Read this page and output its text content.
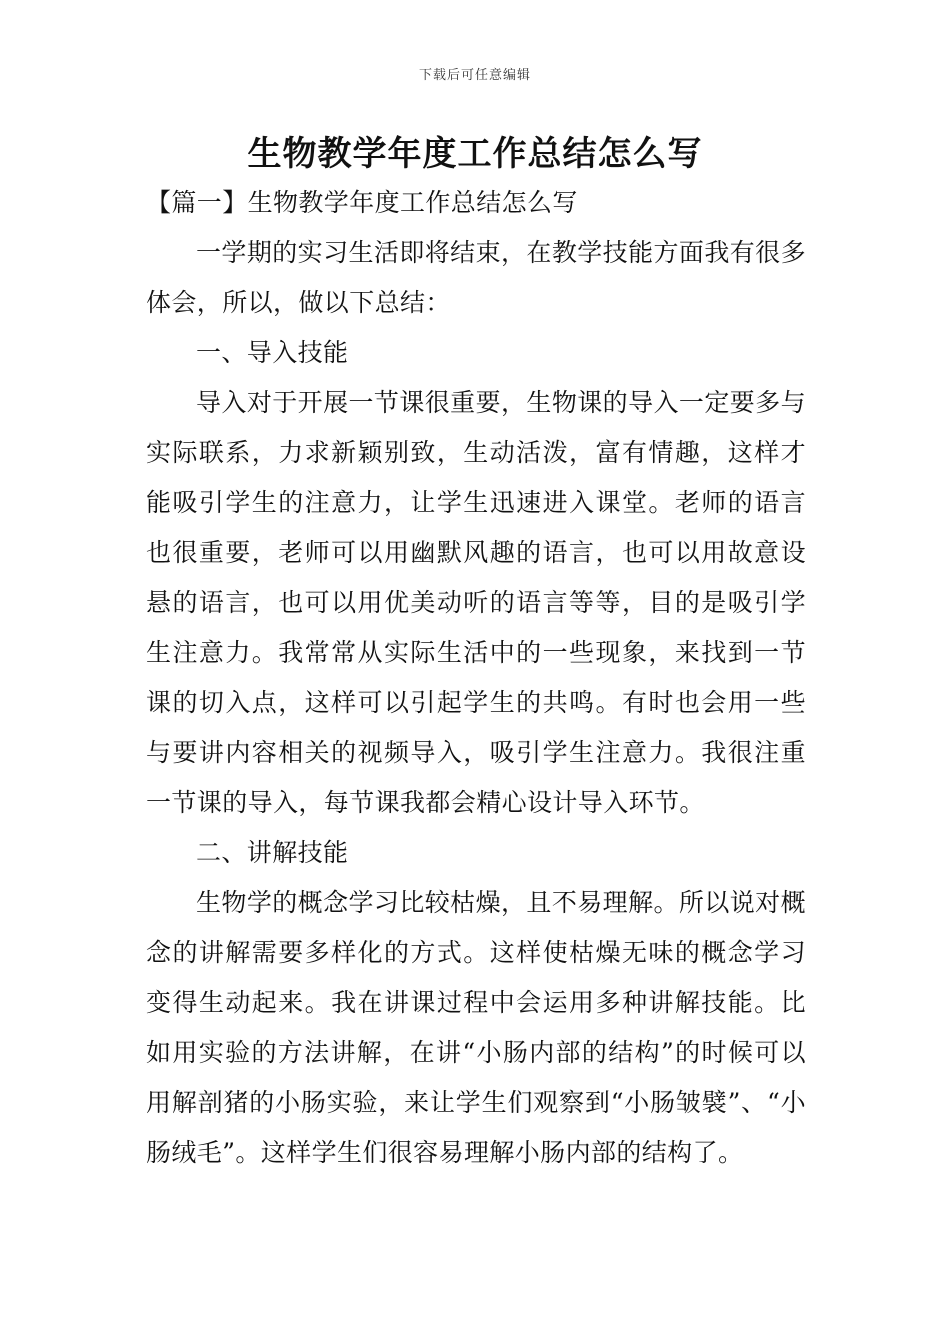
下载后可任意编辑
生物教学年度工作总结怎么写

【篇一】生物教学年度工作总结怎么写

一学期的实习生活即将结束，在教学技能方面我有很多体会，所以，做以下总结：

一、导入技能

导入对于开展一节课很重要，生物课的导入一定要多与实际联系，力求新颖别致，生动活泼，富有情趣，这样才能吸引学生的注意力，让学生迅速进入课堂。老师的语言也很重要，老师可以用幽默风趣的语言，也可以用故意设悬的语言，也可以用优美动听的语言等等，目的是吸引学生注意力。我常常从实际生活中的一些现象，来找到一节课的切入点，这样可以引起学生的共鸣。有时也会用一些与要讲内容相关的视频导入，吸引学生注意力。我很注重一节课的导入，每节课我都会精心设计导入环节。

二、讲解技能

生物学的概念学习比较枯燥，且不易理解。所以说对概念的讲解需要多样化的方式。这样使枯燥无味的概念学习变得生动起来。我在讲课过程中会运用多种讲解技能。比如用实验的方法讲解，在讲“小肠内部的结构”的时候可以用解剖猪的小肠实验，来让学生们观察到“小肠皱襞”、“小肠绒毛”。这样学生们很容易理解小肠内部的结构了。
